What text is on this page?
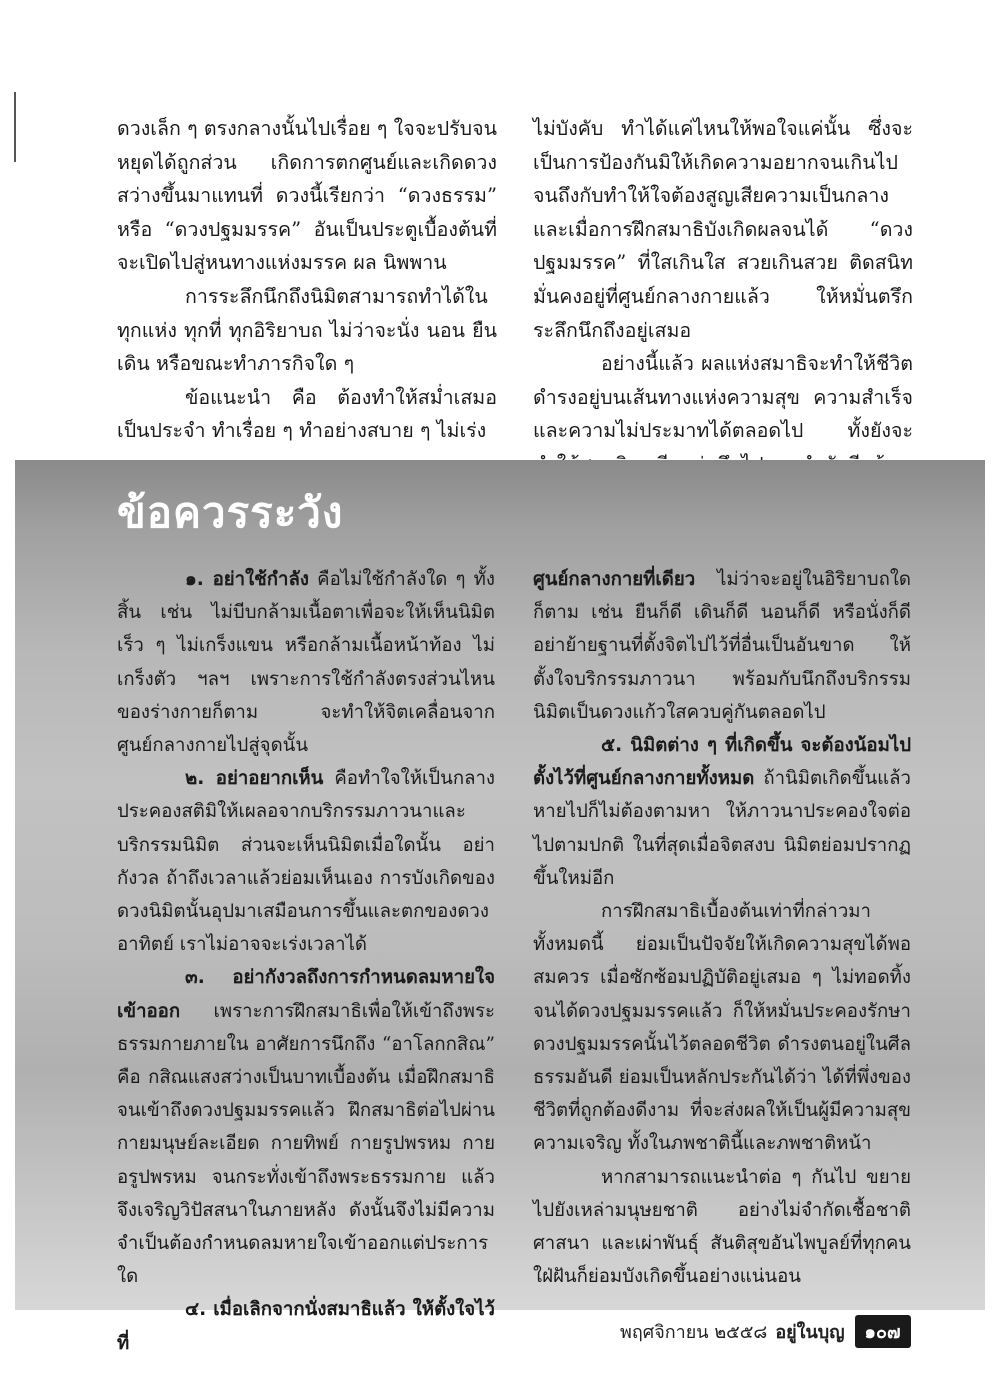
ดวงเล็ก ๆ ตรงกลางนั้นไปเรื่อย ๆ ใจจะปรับจนหยุดได้ถูกส่วน เกิดการตกศูนย์และเกิดดวงสว่างขึ้นมาแทนที่ ดวงนี้เรียกว่า “ดวงธรรม” หรือ “ดวงปฐมมรรค” อันเป็นประตูเบื้องต้นที่จะเปิดไปสู่หนทางแห่งมรรค ผล นิพพาน

การระลึกนึกถึงนิมิตสามารถทำได้ในทุกแห่ง ทุกที่ ทุกอิริยาบถ ไม่ว่าจะนั่ง นอน ยืน เดิน หรือขณะทำภารกิจใด ๆ

ข้อแนะนำ คือ ต้องทำให้สม่ำเสมอเป็นประจำ ทำเรื่อย ๆ ทำอย่างสบาย ๆ ไม่เร่ง

ไม่บังคับ ทำได้แค่ไหนให้พอใจแค่นั้น ซึ่งจะเป็นการป้องกันมิให้เกิดความอยากจนเกินไป จนถึงกับทำให้ใจต้องสูญเสียความเป็นกลาง และเมื่อการฝึกสมาธิบังเกิดผลจนได้ “ดวงปฐมมรรค” ที่ใสเกินใส สวยเกินสวย ติดสนิทมั่นคงอยู่ที่ศูนย์กลางกายแล้ว ให้หมั่นตรึกระลึกนึกถึงอยู่เสมอ

อย่างนี้แล้ว ผลแห่งสมาธิจะทำให้ชีวิตดำรงอยู่บนเส้นทางแห่งความสุข ความสำเร็จและความไม่ประมาทได้ตลอดไป ทั้งยังจะ

ข้อควรระวัง

๑. อย่าใช้กำลัง คือไม่ใช้กำลังใด ๆ ทั้งสิ้น เช่น ไม่บีบกล้ามเนื้อตาเพื่อจะให้เห็นนิมิตเร็ว ๆ ไม่เกร็งแขน หรือกล้ามเนื้อหน้าท้อง ไม่เกร็งตัว ฯลฯ เพราะการใช้กำลังตรงส่วนไหนของร่างกายก็ตาม จะทำให้จิตเคลื่อนจากศูนย์กลางกายไปสู่จุดนั้น

๒. อย่าอยากเห็น คือทำใจให้เป็นกลาง ประคองสติมิให้เผลอจากบริกรรมภาวนาและบริกรรมนิมิต ส่วนจะเห็นนิมิตเมื่อใดนั้น อย่ากังวล ถ้าถึงเวลาแล้วย่อมเห็นเอง การบังเกิดของดวงนิมิตนั้นอุปมาเสมือนการขึ้นและตกของดวงอาทิตย์ เราไม่อาจจะเร่งเวลาได้

๓. อย่ากังวลถึงการกำหนดลมหายใจเข้าออก เพราะการฝึกสมาธิเพื่อให้เข้าถึงพระธรรมกายภายใน อาศัยการนึกถึง “อาโลกกสิณ” คือ กสิณแสงสว่างเป็นบาทเบื้องต้น เมื่อฝึกสมาธิจนเข้าถึงดวงปฐมมรรคแล้ว ฝึกสมาธิต่อไปผ่านกายมนุษย์ละเอียด กายทิพย์ กายรูปพรหม กายอรูปพรหม จนกระทั่งเข้าถึงพระธรรมกาย แล้วจึงเจริญวิปัสสนาในภายหลัง ดังนั้นจึงไม่มีความจำเป็นต้องกำหนดลมหายใจเข้าออกแต่ประการใด

๔. เมื่อเลิกจากนั่งสมาธิแล้ว ให้ตั้งใจไว้ที่

ศูนย์กลางกายที่เดียว ไม่ว่าจะอยู่ในอิริยาบถใดก็ตาม เช่น ยืนก็ดี เดินก็ดี นอนก็ดี หรือนั่งก็ดี อย่าย้ายฐานที่ตั้งจิตไปไว้ที่อื่นเป็นอันขาด ให้ตั้งใจบริกรรมภาวนา พร้อมกับนึกถึงบริกรรมนิมิตเป็นดวงแก้วใสควบคู่กันตลอดไป

๕. นิมิตต่าง ๆ ที่เกิดขึ้น จะต้องน้อมไปตั้งไว้ที่ศูนย์กลางกายทั้งหมด ถ้านิมิตเกิดขึ้นแล้วหายไปก็ไม่ต้องตามหา ให้ภาวนาประคองใจต่อไปตามปกติ ในที่สุดเมื่อจิตสงบ นิมิตย่อมปรากฏขึ้นใหม่อีก

การฝึกสมาธิเบื้องต้นเท่าที่กล่าวมาทั้งหมดนี้ ย่อมเป็นปัจจัยให้เกิดความสุขได้พอสมควร เมื่อซักซ้อมปฏิบัติอยู่เสมอ ๆ ไม่ทอดทิ้งจนได้ดวงปฐมมรรคแล้ว ก็ให้หมั่นประคองรักษาดวงปฐมมรรคนั้นไว้ตลอดชีวิต ดำรงตนอยู่ในศีลธรรมอันดี ย่อมเป็นหลักประกันได้ว่า ได้ที่พึ่งของชีวิตที่ถูกต้องดีงาม ที่จะส่งผลให้เป็นผู้มีความสุขความเจริญ ทั้งในภพชาตินี้และภพชาติหน้า

หากสามารถแนะนำต่อ ๆ กันไป ขยายไปยังเหล่ามนุษยชาติ อย่างไม่จำกัดเชื้อชาติ ศาสนา และเผ่าพันธุ์ สันติสุขอันไพบูลย์ที่ทุกคนใฝ่ฝันก็ย่อมบังเกิดขึ้นอย่างแน่นอน

พฤศจิกายน ๒๕๕๘ อยู่ในบุญ	๑๐๗
